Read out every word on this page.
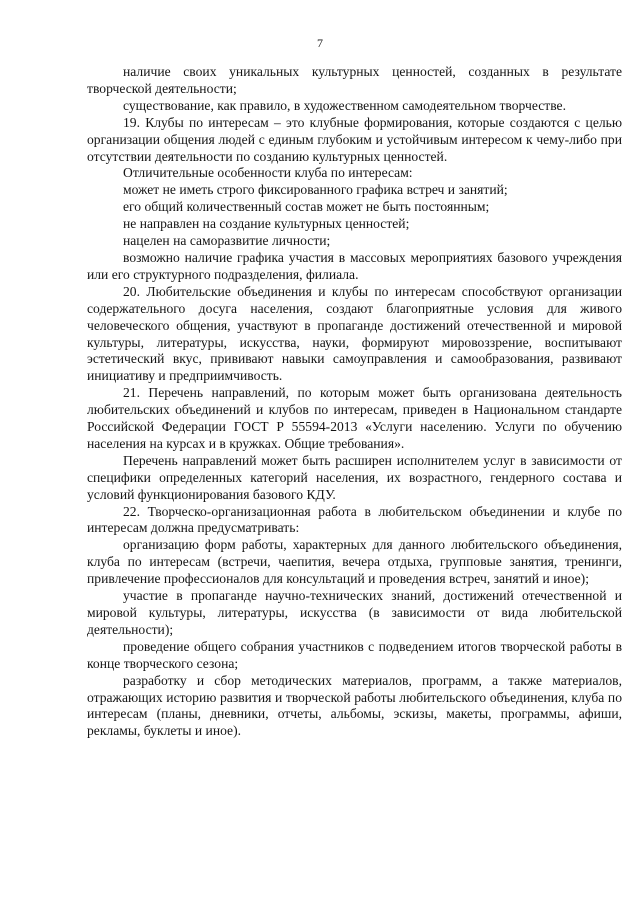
7

наличие своих уникальных культурных ценностей, созданных в результате творческой деятельности;

существование, как правило, в художественном самодеятельном творчестве.

19. Клубы по интересам – это клубные формирования, которые создаются с целью организации общения людей с единым глубоким и устойчивым интересом к чему-либо при отсутствии деятельности по созданию культурных ценностей.

Отличительные особенности клуба по интересам:

может не иметь строго фиксированного графика встреч и занятий;

его общий количественный состав может не быть постоянным;

не направлен на создание культурных ценностей;

нацелен на саморазвитие личности;

возможно наличие графика участия в массовых мероприятиях базового учреждения или его структурного подразделения, филиала.

20. Любительские объединения и клубы по интересам способствуют организации содержательного досуга населения, создают благоприятные условия для живого человеческого общения, участвуют в пропаганде достижений отечественной и мировой культуры, литературы, искусства, науки, формируют мировоззрение, воспитывают эстетический вкус, прививают навыки самоуправления и самообразования, развивают инициативу и предприимчивость.

21. Перечень направлений, по которым может быть организована деятельность любительских объединений и клубов по интересам, приведен в Национальном стандарте Российской Федерации ГОСТ Р 55594-2013 «Услуги населению. Услуги по обучению населения на курсах и в кружках. Общие требования».

Перечень направлений может быть расширен исполнителем услуг в зависимости от специфики определенных категорий населения, их возрастного, гендерного состава и условий функционирования базового КДУ.

22. Творческо-организационная работа в любительском объединении и клубе по интересам должна предусматривать:

организацию форм работы, характерных для данного любительского объединения, клуба по интересам (встречи, чаепития, вечера отдыха, групповые занятия, тренинги, привлечение профессионалов для консультаций и проведения встреч, занятий и иное);

участие в пропаганде научно-технических знаний, достижений отечественной и мировой культуры, литературы, искусства (в зависимости от вида любительской деятельности);

проведение общего собрания участников с подведением итогов творческой работы в конце творческого сезона;

разработку и сбор методических материалов, программ, а также материалов, отражающих историю развития и творческой работы любительского объединения, клуба по интересам (планы, дневники, отчеты, альбомы, эскизы, макеты, программы, афиши, рекламы, буклеты и иное).
